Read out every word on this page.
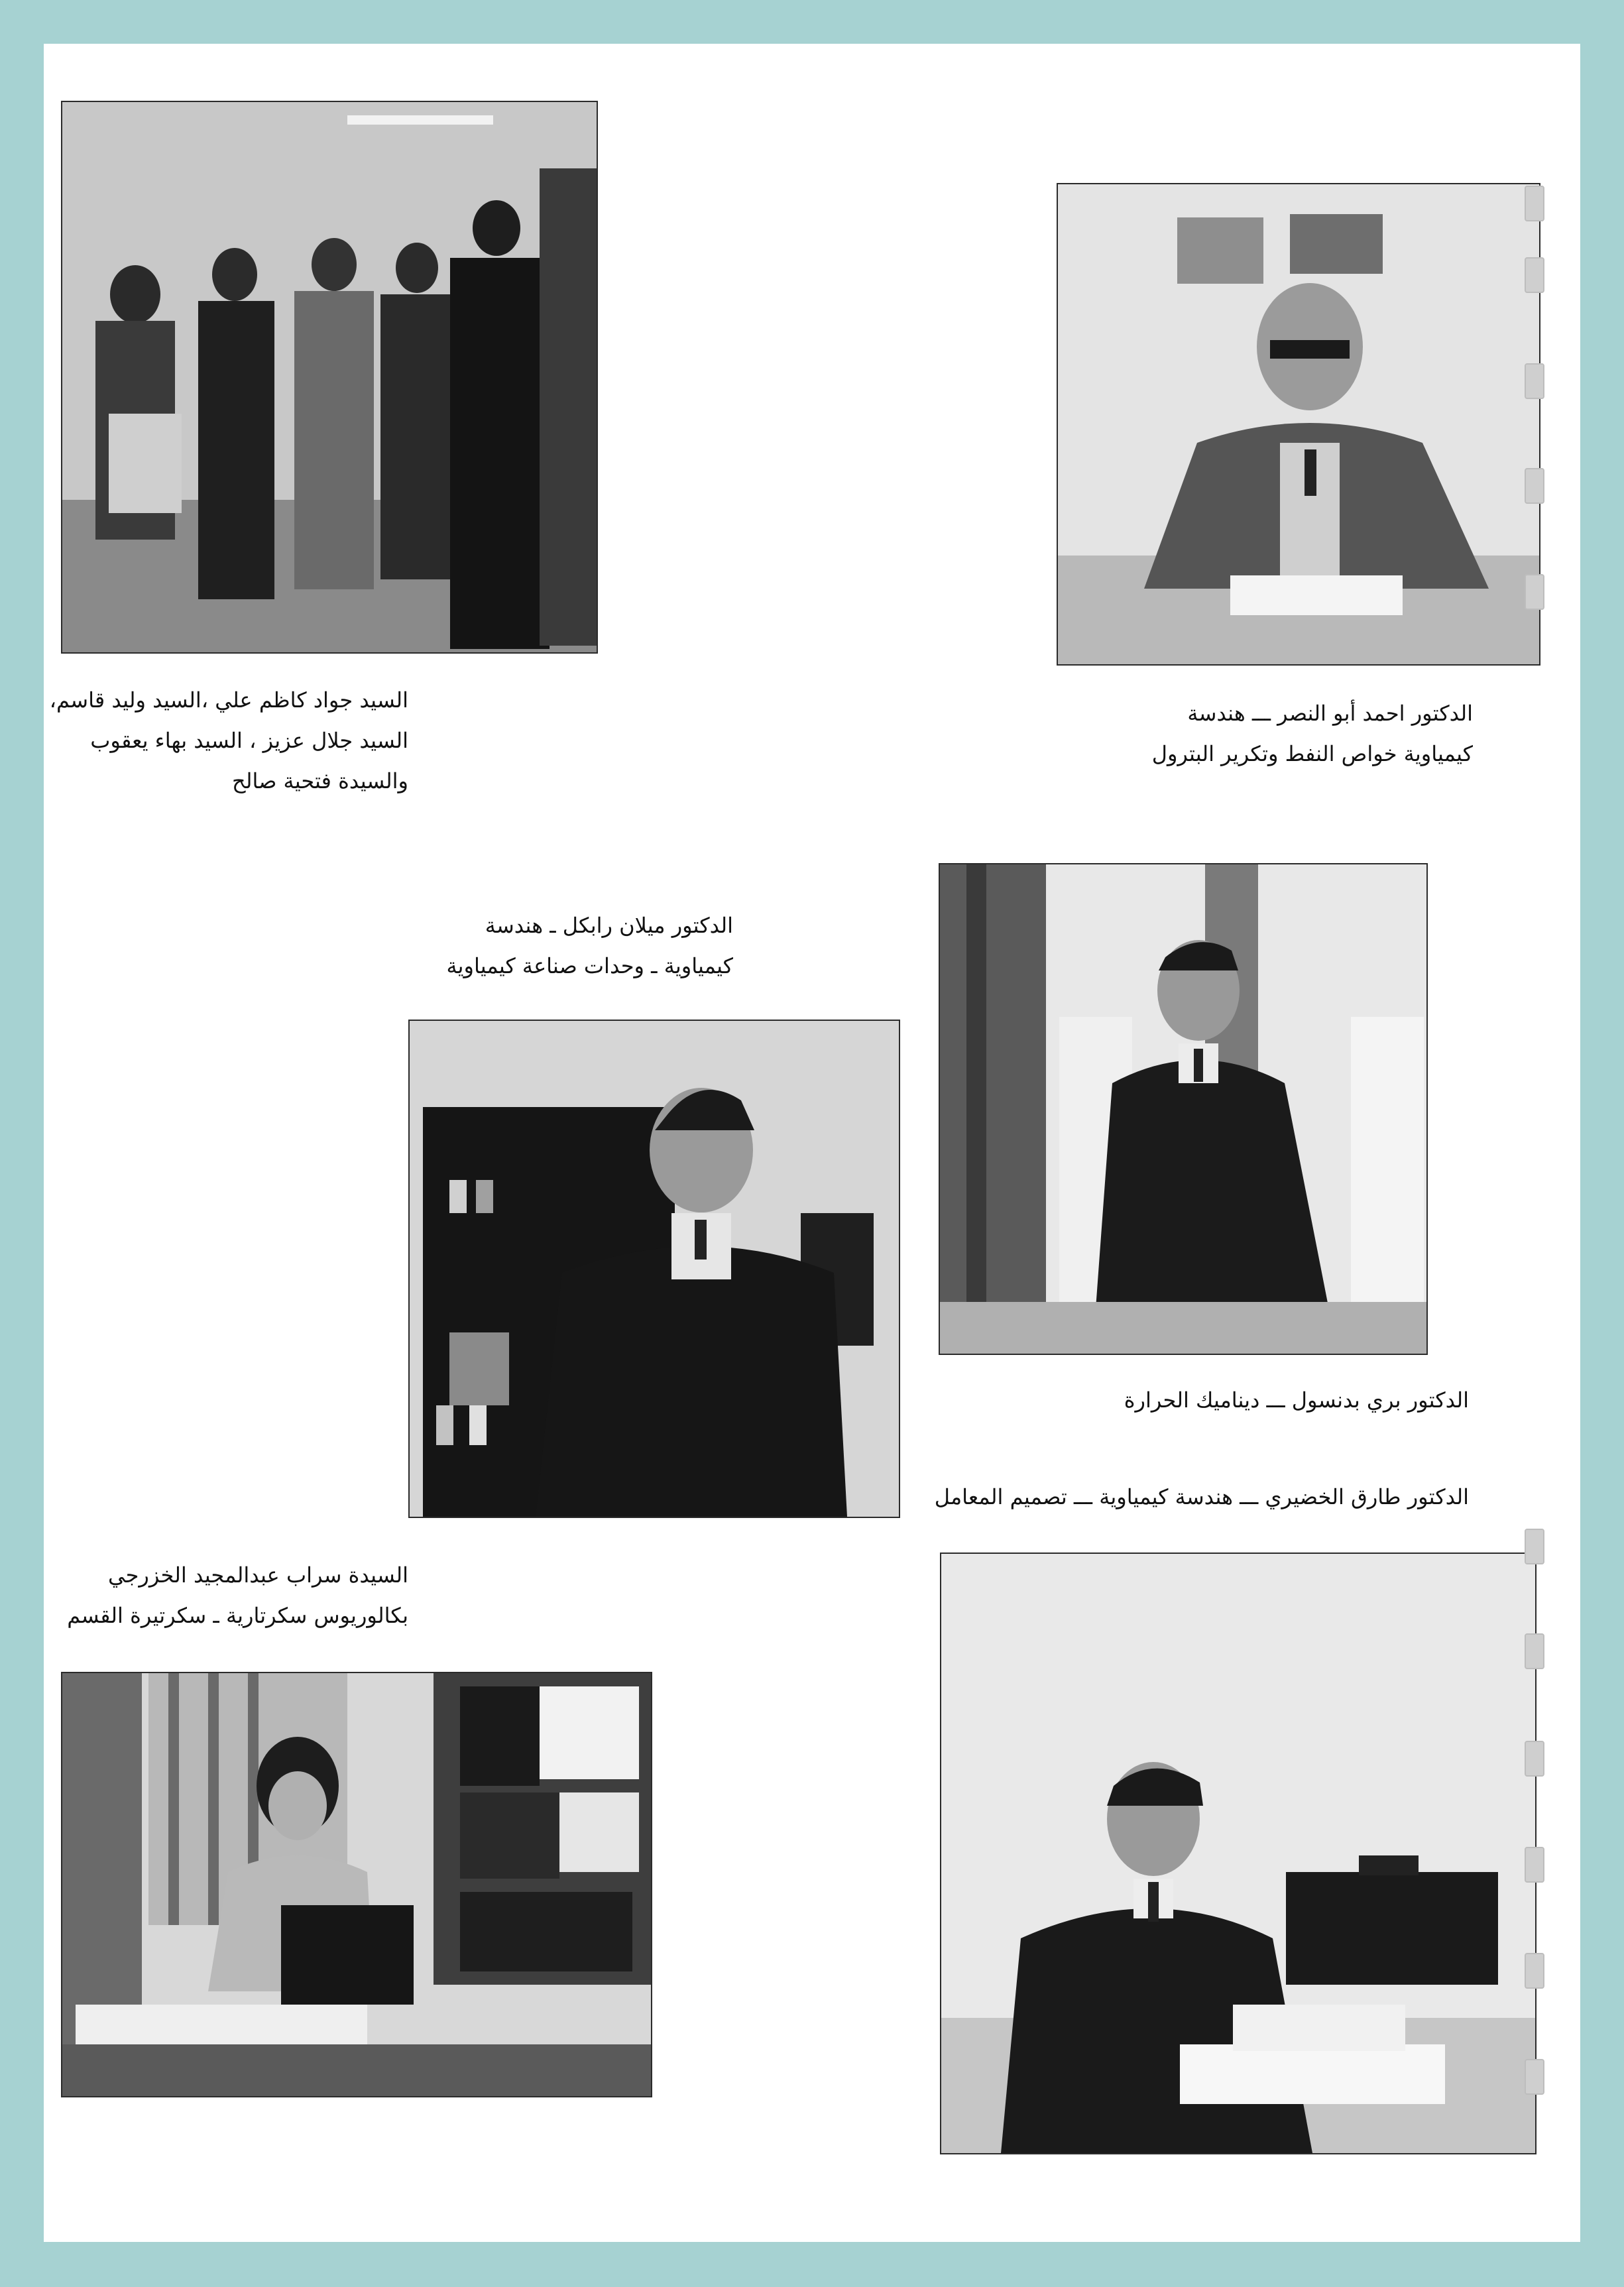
السيد جواد كاظم علي ،السيد وليد قاسم،
السيد جلال عزيز ، السيد بهاء يعقوب
والسيدة فتحية صالح
الدكتور احمد أبو النصر ـــ هندسة
كيمياوية خواص النفط وتكرير البترول
الدكتور ميلان رابكل ـ هندسة
كيمياوية ـ وحدات صناعة كيمياوية
الدكتور بري بدنسول ـــ ديناميك الحرارة
الدكتور طارق الخضيري ـــ هندسة كيمياوية ـــ تصميم المعامل
السيدة سراب عبدالمجيد الخزرجي
بكالوريوس سكرتارية ـ سكرتيرة القسم
